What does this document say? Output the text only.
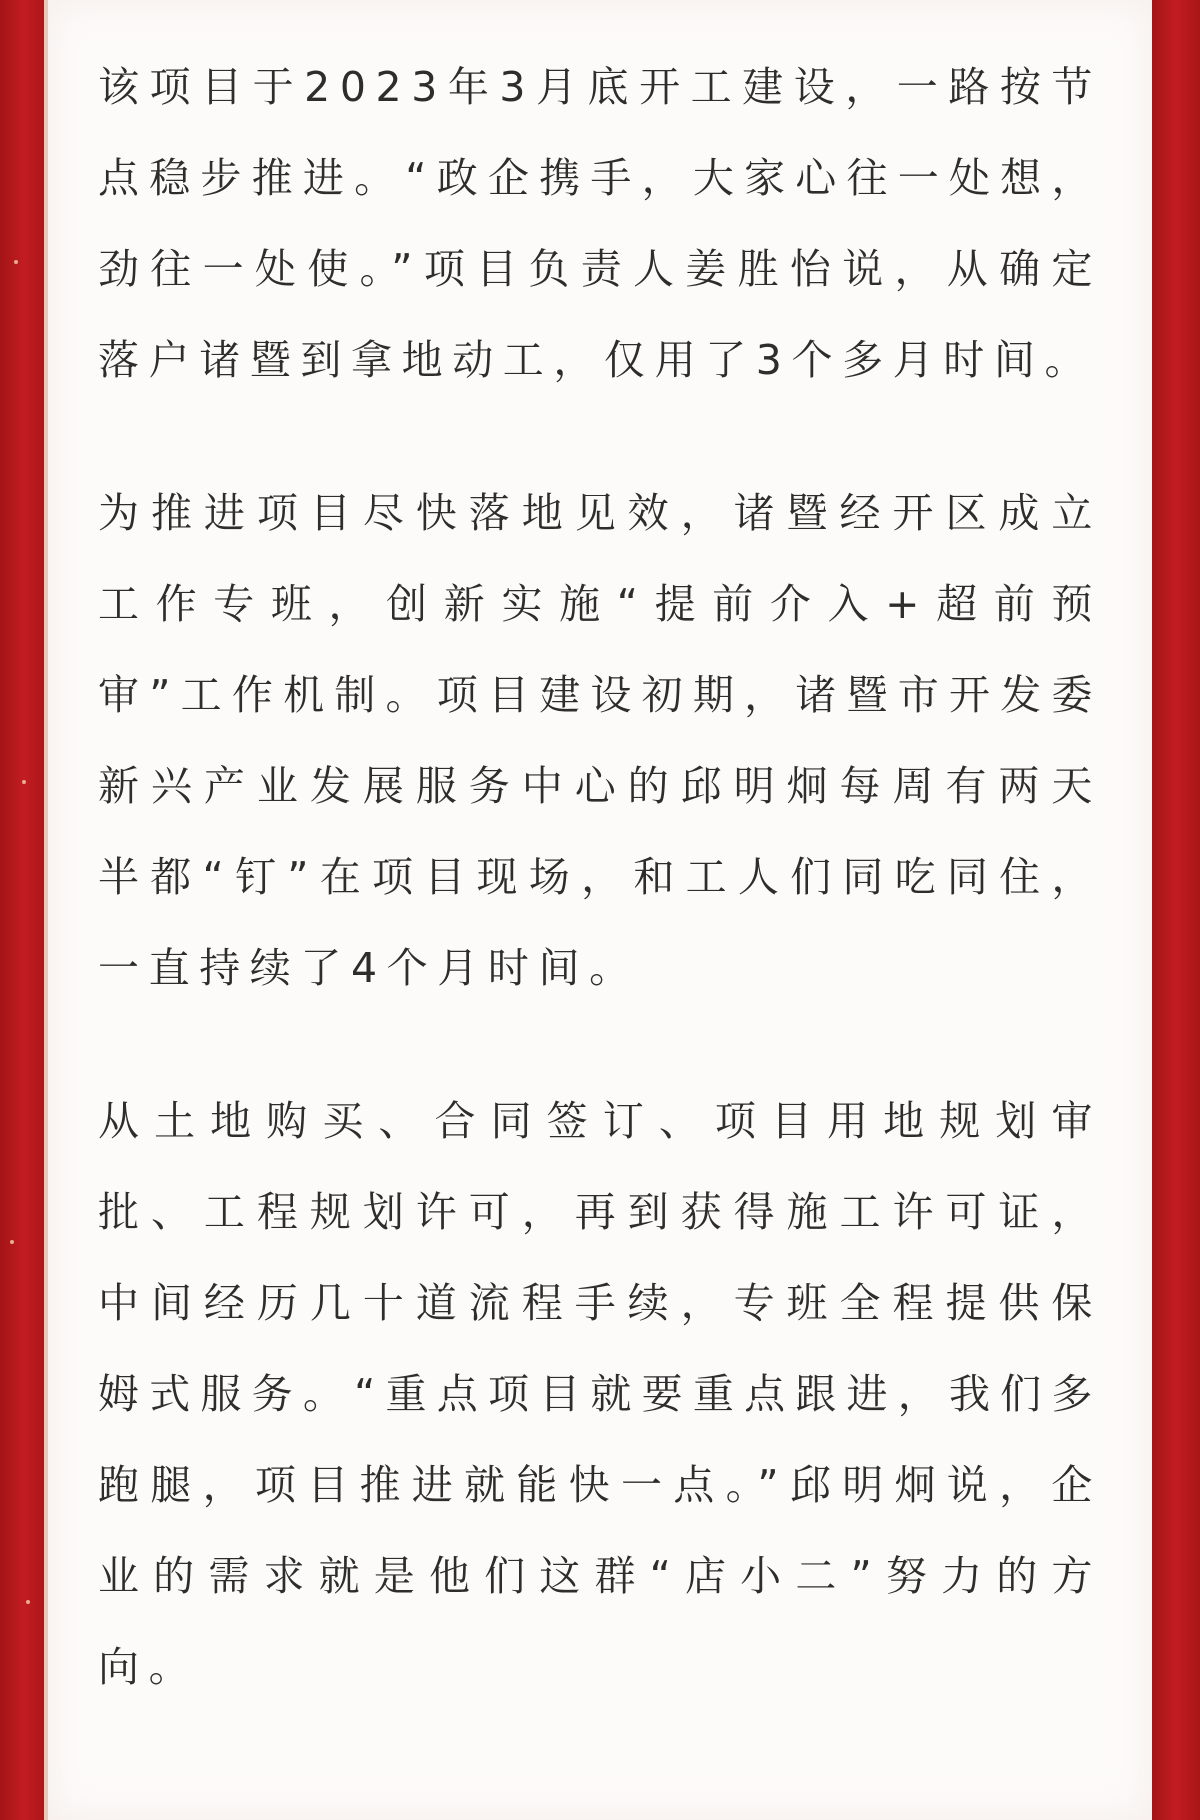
该项目于2023年3月底开工建设，一路按节点稳步推进。“政企携手，大家心往一处想，劲往一处使。”项目负责人姜胜怡说，从确定落户诸暨到拿地动工，仅用了3个多月时间。

为推进项目尽快落地见效，诸暨经开区成立工作专班，创新实施“提前介入+超前预审”工作机制。项目建设初期，诸暨市开发委新兴产业发展服务中心的邱明炯每周有两天半都“钉”在项目现场，和工人们同吃同住，一直持续了4个月时间。

从土地购买、合同签订、项目用地规划审批、工程规划许可，再到获得施工许可证，中间经历几十道流程手续，专班全程提供保姆式服务。“重点项目就要重点跟进，我们多跑腿，项目推进就能快一点。”邱明炯说，企业的需求就是他们这群“店小二”努力的方向。
